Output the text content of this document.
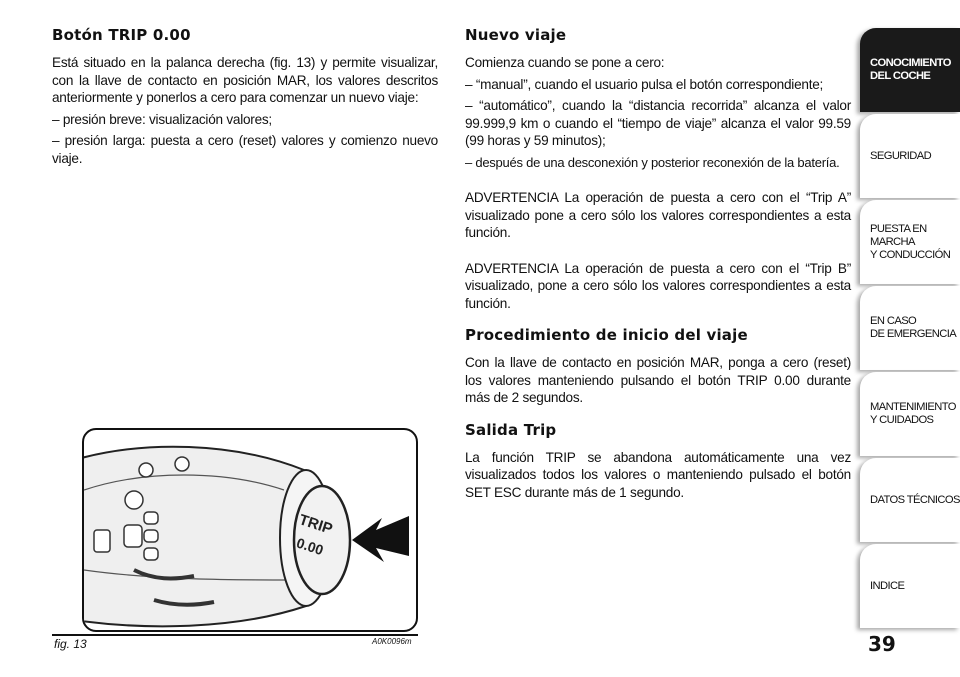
Botón TRIP 0.00

Está situado en la palanca derecha (fig. 13) y permite visualizar, con la llave de contacto en posición MAR, los valores descritos anteriormente y ponerlos a cero para comenzar un nuevo viaje:

– presión breve: visualización valores;

– presión larga: puesta a cero (reset) valores y comienzo nuevo viaje.

Nuevo viaje

Comienza cuando se pone a cero:

– “manual”, cuando el usuario pulsa el botón correspondiente;

– “automático”, cuando la “distancia recorrida” alcanza el valor 99.999,9 km o cuando el “tiempo de viaje” alcanza el valor 99.59 (99 horas y 59 minutos);

– después de una desconexión y posterior reconexión de la batería.

ADVERTENCIA La operación de puesta a cero con el “Trip A” visualizado pone a cero sólo los valores correspondientes a esta función.

ADVERTENCIA La operación de puesta a cero con el “Trip B” visualizado, pone a cero sólo los valores correspondientes a esta función.

Procedimiento de inicio del viaje

Con la llave de contacto en posición MAR, ponga a cero (reset) los valores manteniendo pulsando el botón TRIP 0.00 durante más de 2 segundos.

Salida Trip

La función TRIP se abandona automáticamente una vez visualizados todos los valores o manteniendo pulsado el botón SET ESC durante más de 1 segundo.

TRIP
0.00
fig. 13	A0K0096m
CONOCIMIENTO
DEL COCHE
SEGURIDAD
PUESTA EN MARCHA
Y CONDUCCIÓN
EN CASO
DE EMERGENCIA
MANTENIMIENTO
Y CUIDADOS
DATOS TÉCNICOS
INDICE
39
